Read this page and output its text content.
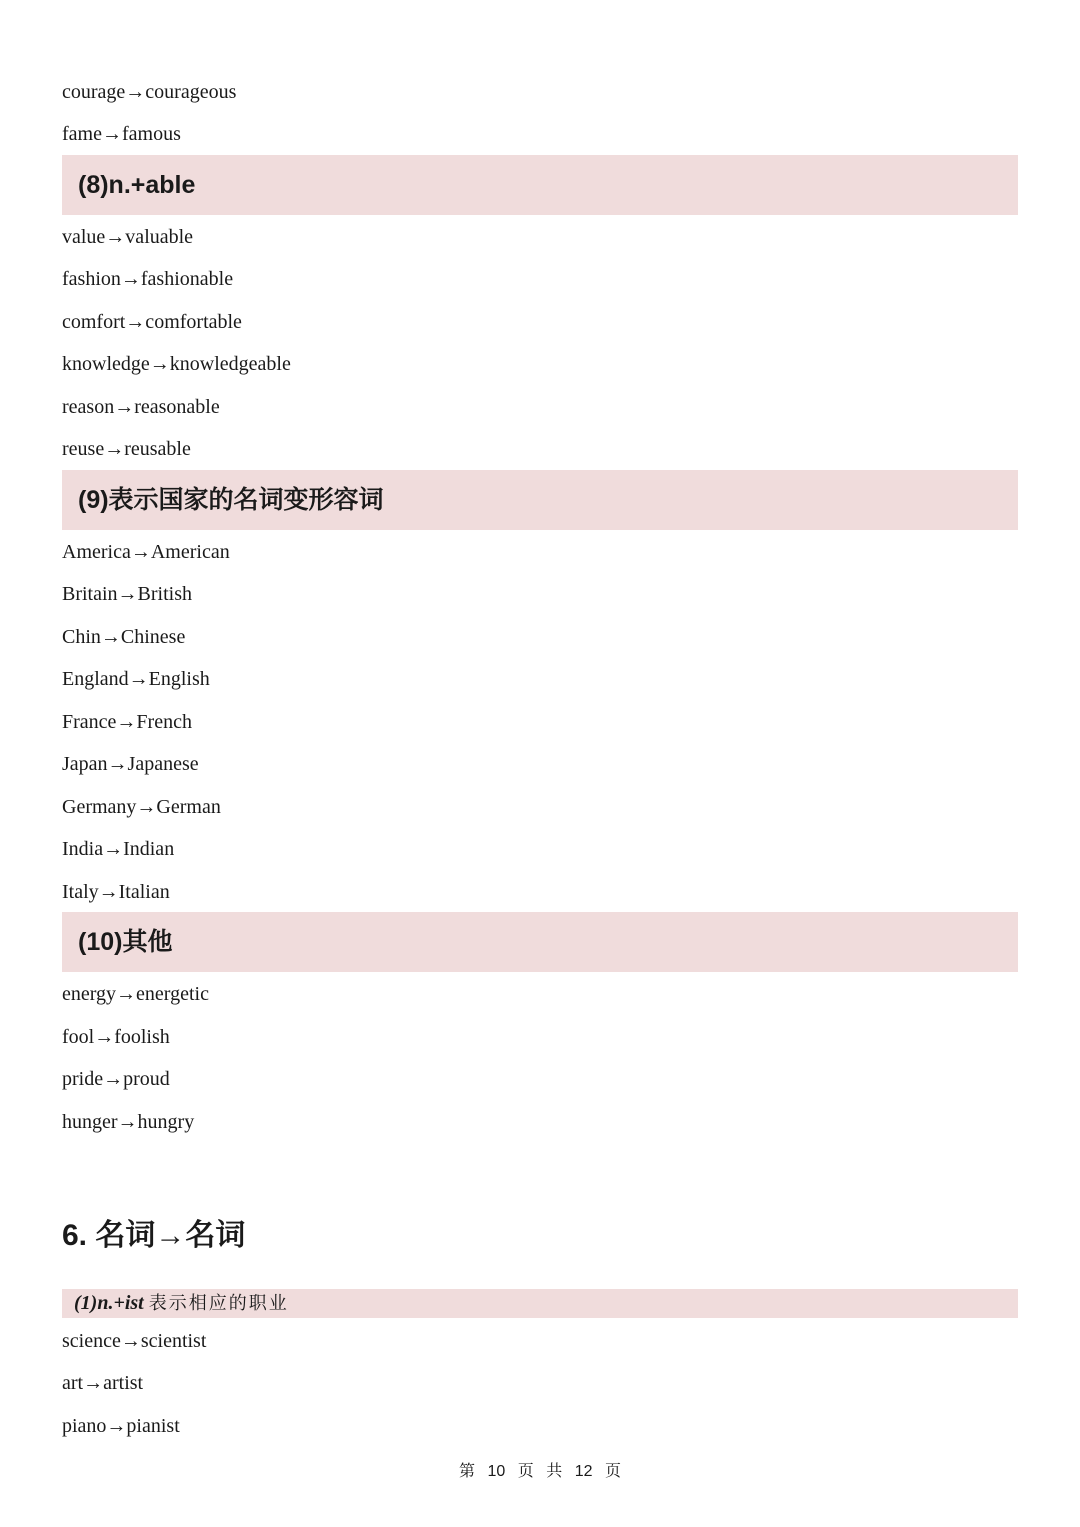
courage→courageous
fame→famous
(8)n.+able
value→valuable
fashion→fashionable
comfort→comfortable
knowledge→knowledgeable
reason→reasonable
reuse→reusable
(9)表示国家的名词变形容词
America→American
Britain→British
Chin→Chinese
England→English
France→French
Japan→Japanese
Germany→German
India→Indian
Italy→Italian
(10)其他
energy→energetic
fool→foolish
pride→proud
hunger→hungry
6. 名词→名词
(1)n.+ist 表示相应的职业
science→scientist
art→artist
piano→pianist
第 10 页 共 12 页
